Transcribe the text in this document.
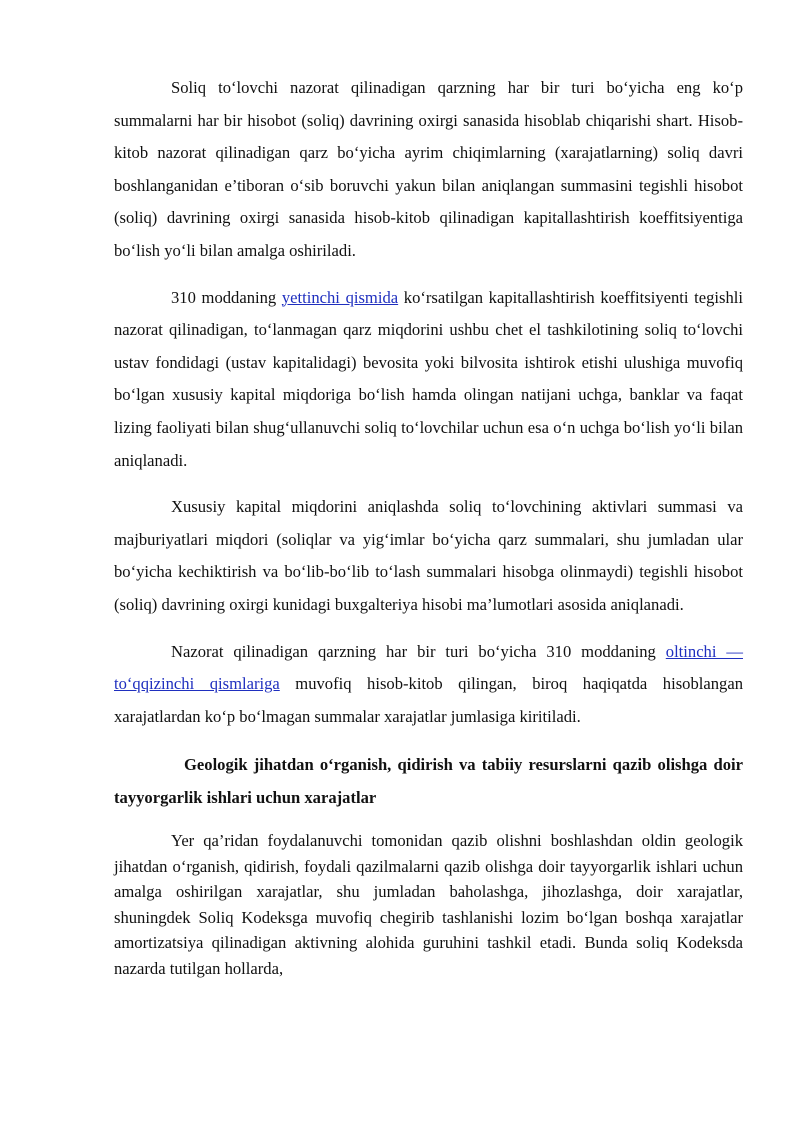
Soliq to‘lovchi nazorat qilinadigan qarzning har bir turi bo‘yicha eng ko‘p summalarni har bir hisobot (soliq) davrining oxirgi sanasida hisoblab chiqarishi shart. Hisob-kitob nazorat qilinadigan qarz bo‘yicha ayrim chiqimlarning (xarajatlarning) soliq davri boshlanganidan e’tiboran o‘sib boruvchi yakun bilan aniqlangan summasini tegishli hisobot (soliq) davrining oxirgi sanasida hisob-kitob qilinadigan kapitallashtirish koeffitsiyentiga bo‘lish yo‘li bilan amalga oshiriladi.

310 moddaning yettinchi qismida ko‘rsatilgan kapitallashtirish koeffitsiyenti tegishli nazorat qilinadigan, to‘lanmagan qarz miqdorini ushbu chet el tashkilotining soliq to‘lovchi ustav fondidagi (ustav kapitalidagi) bevosita yoki bilvosita ishtirok etishi ulushiga muvofiq bo‘lgan xususiy kapital miqdoriga bo‘lish hamda olingan natijani uchga, banklar va faqat lizing faoliyati bilan shug‘ullanuvchi soliq to‘lovchilar uchun esa o‘n uchga bo‘lish yo‘li bilan aniqlanadi.

Xususiy kapital miqdorini aniqlashda soliq to‘lovchining aktivlari summasi va majburiyatlari miqdori (soliqlar va yig‘imlar bo‘yicha qarz summalari, shu jumladan ular bo‘yicha kechiktirish va bo‘lib-bo‘lib to‘lash summalari hisobga olinmaydi) tegishli hisobot (soliq) davrining oxirgi kunidagi buxgalteriya hisobi ma’lumotlari asosida aniqlanadi.

Nazorat qilinadigan qarzning har bir turi bo‘yicha 310 moddaning oltinchi — to‘qqizinchi qismlariga muvofiq hisob-kitob qilingan, biroq haqiqatda hisoblangan xarajatlardan ko‘p bo‘lmagan summalar xarajatlar jumlasiga kiritiladi.

Geologik jihatdan o‘rganish, qidirish va tabiiy resurslarni qazib olishga doir tayyorgarlik ishlari uchun xarajatlar

Yer qa’ridan foydalanuvchi tomonidan qazib olishni boshlashdan oldin geologik jihatdan o‘rganish, qidirish, foydali qazilmalarni qazib olishga doir tayyorgarlik ishlari uchun amalga oshirilgan xarajatlar, shu jumladan baholashga, jihozlashga, doir xarajatlar, shuningdek Soliq Kodeksga muvofiq chegirib tashlanishi lozim bo‘lgan boshqa xarajatlar amortizatsiya qilinadigan aktivning alohida guruhini tashkil etadi. Bunda soliq Kodeksda nazarda tutilgan hollarda,
